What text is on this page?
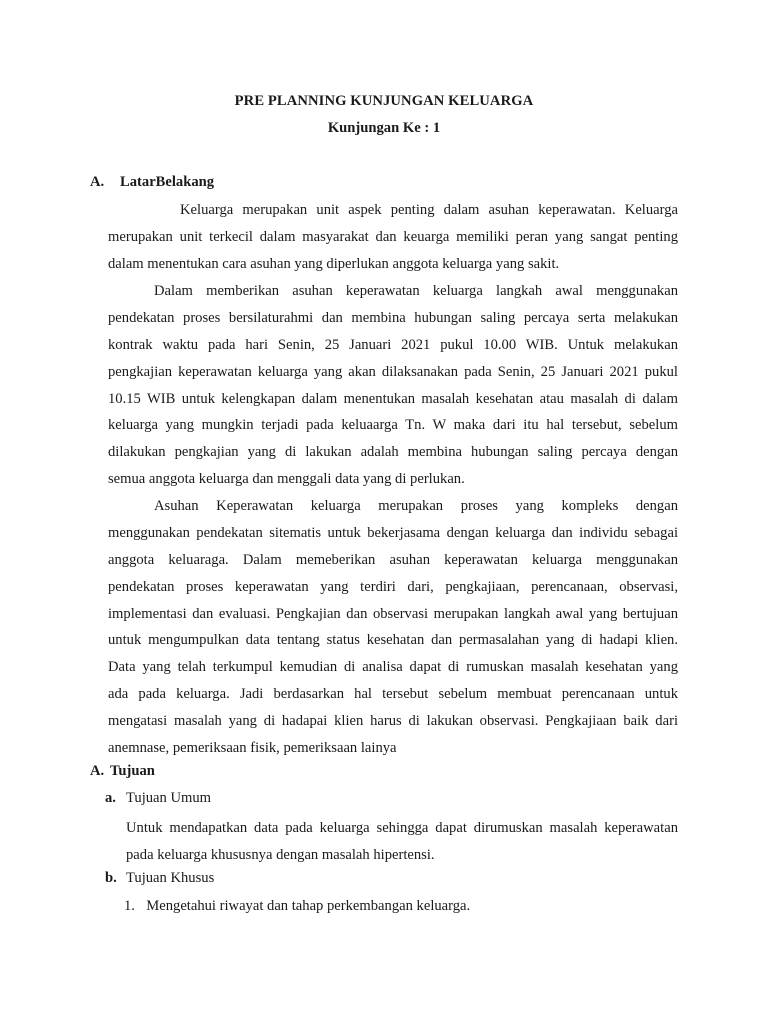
PRE PLANNING KUNJUNGAN KELUARGA
Kunjungan Ke : 1
A. LatarBelakang
Keluarga merupakan unit aspek penting dalam asuhan keperawatan. Keluarga
merupakan unit terkecil dalam masyarakat dan keuarga memiliki peran yang sangat penting
dalam menentukan cara asuhan yang diperlukan anggota keluarga yang sakit.
Dalam memberikan asuhan keperawatan keluarga langkah awal menggunakan
pendekatan proses bersilaturahmi dan membina hubungan saling percaya serta melakukan
kontrak waktu pada hari Senin, 25 Januari 2021 pukul 10.00 WIB. Untuk melakukan
pengkajian keperawatan keluarga yang akan dilaksanakan pada Senin, 25 Januari 2021 pukul
10.15 WIB untuk kelengkapan dalam menentukan masalah kesehatan atau masalah di dalam
keluarga yang mungkin terjadi pada keluaarga Tn. W maka dari itu hal tersebut, sebelum
dilakukan pengkajian yang di lakukan adalah membina hubungan saling percaya dengan
semua anggota keluarga dan menggali data yang di perlukan.
Asuhan Keperawatan keluarga merupakan proses yang kompleks dengan
menggunakan pendekatan sitematis untuk bekerjasama dengan keluarga dan individu sebagai
anggota keluaraga. Dalam memeberikan asuhan keperawatan keluarga menggunakan
pendekatan proses keperawatan yang terdiri dari, pengkajiaan, perencanaan, observasi,
implementasi dan evaluasi. Pengkajian dan observasi merupakan langkah awal yang bertujuan
untuk mengumpulkan data tentang status kesehatan dan permasalahan yang di hadapi klien.
Data yang telah terkumpul kemudian di analisa dapat di rumuskan masalah kesehatan yang
ada pada keluarga. Jadi berdasarkan hal tersebut sebelum membuat perencanaan untuk
mengatasi masalah yang di hadapai klien harus di lakukan observasi. Pengkajiaan baik dari
anemnase, pemeriksaan fisik, pemeriksaan lainya
A. Tujuan
a. Tujuan Umum
Untuk mendapatkan data pada keluarga sehingga dapat dirumuskan masalah keperawatan
pada keluarga khususnya dengan masalah hipertensi.
b. Tujuan Khusus
1. Mengetahui riwayat dan tahap perkembangan keluarga.
